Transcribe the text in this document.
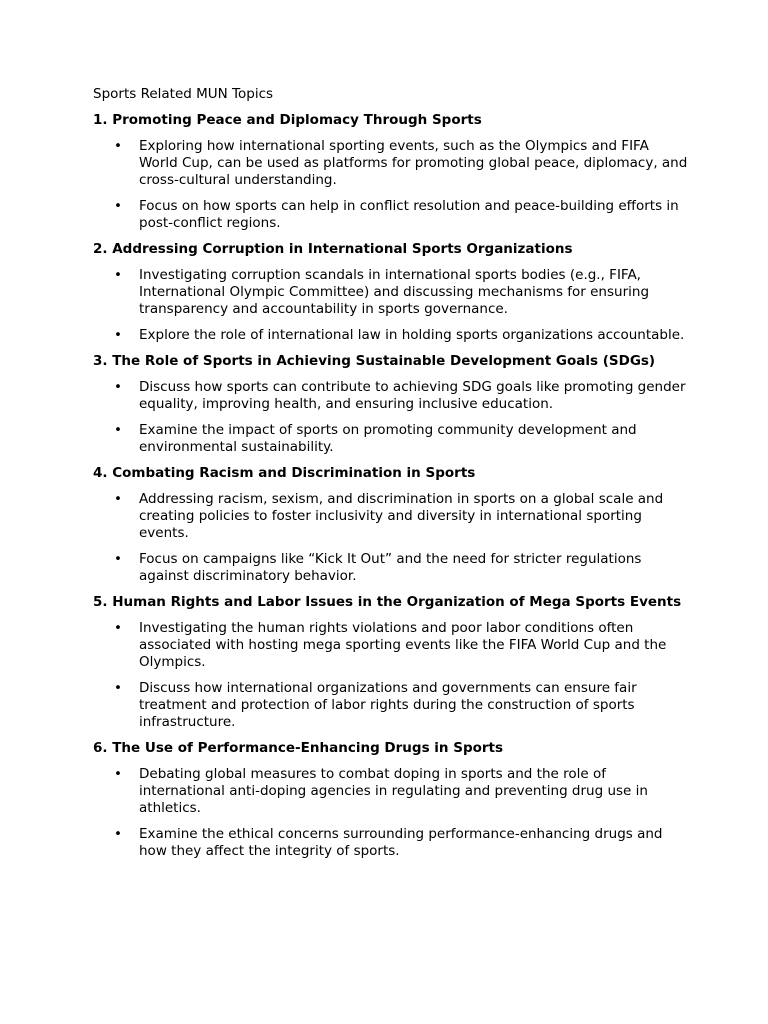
Sports Related MUN Topics

1. Promoting Peace and Diplomacy Through Sports

• Exploring how international sporting events, such as the Olympics and FIFA World Cup, can be used as platforms for promoting global peace, diplomacy, and cross-cultural understanding.
• Focus on how sports can help in conflict resolution and peace-building efforts in post-conflict regions.

2. Addressing Corruption in International Sports Organizations

• Investigating corruption scandals in international sports bodies (e.g., FIFA, International Olympic Committee) and discussing mechanisms for ensuring transparency and accountability in sports governance.
• Explore the role of international law in holding sports organizations accountable.

3. The Role of Sports in Achieving Sustainable Development Goals (SDGs)

• Discuss how sports can contribute to achieving SDG goals like promoting gender equality, improving health, and ensuring inclusive education.
• Examine the impact of sports on promoting community development and environmental sustainability.

4. Combating Racism and Discrimination in Sports

• Addressing racism, sexism, and discrimination in sports on a global scale and creating policies to foster inclusivity and diversity in international sporting events.
• Focus on campaigns like “Kick It Out” and the need for stricter regulations against discriminatory behavior.

5. Human Rights and Labor Issues in the Organization of Mega Sports Events

• Investigating the human rights violations and poor labor conditions often associated with hosting mega sporting events like the FIFA World Cup and the Olympics.
• Discuss how international organizations and governments can ensure fair treatment and protection of labor rights during the construction of sports infrastructure.

6. The Use of Performance-Enhancing Drugs in Sports

• Debating global measures to combat doping in sports and the role of international anti-doping agencies in regulating and preventing drug use in athletics.
• Examine the ethical concerns surrounding performance-enhancing drugs and how they affect the integrity of sports.
